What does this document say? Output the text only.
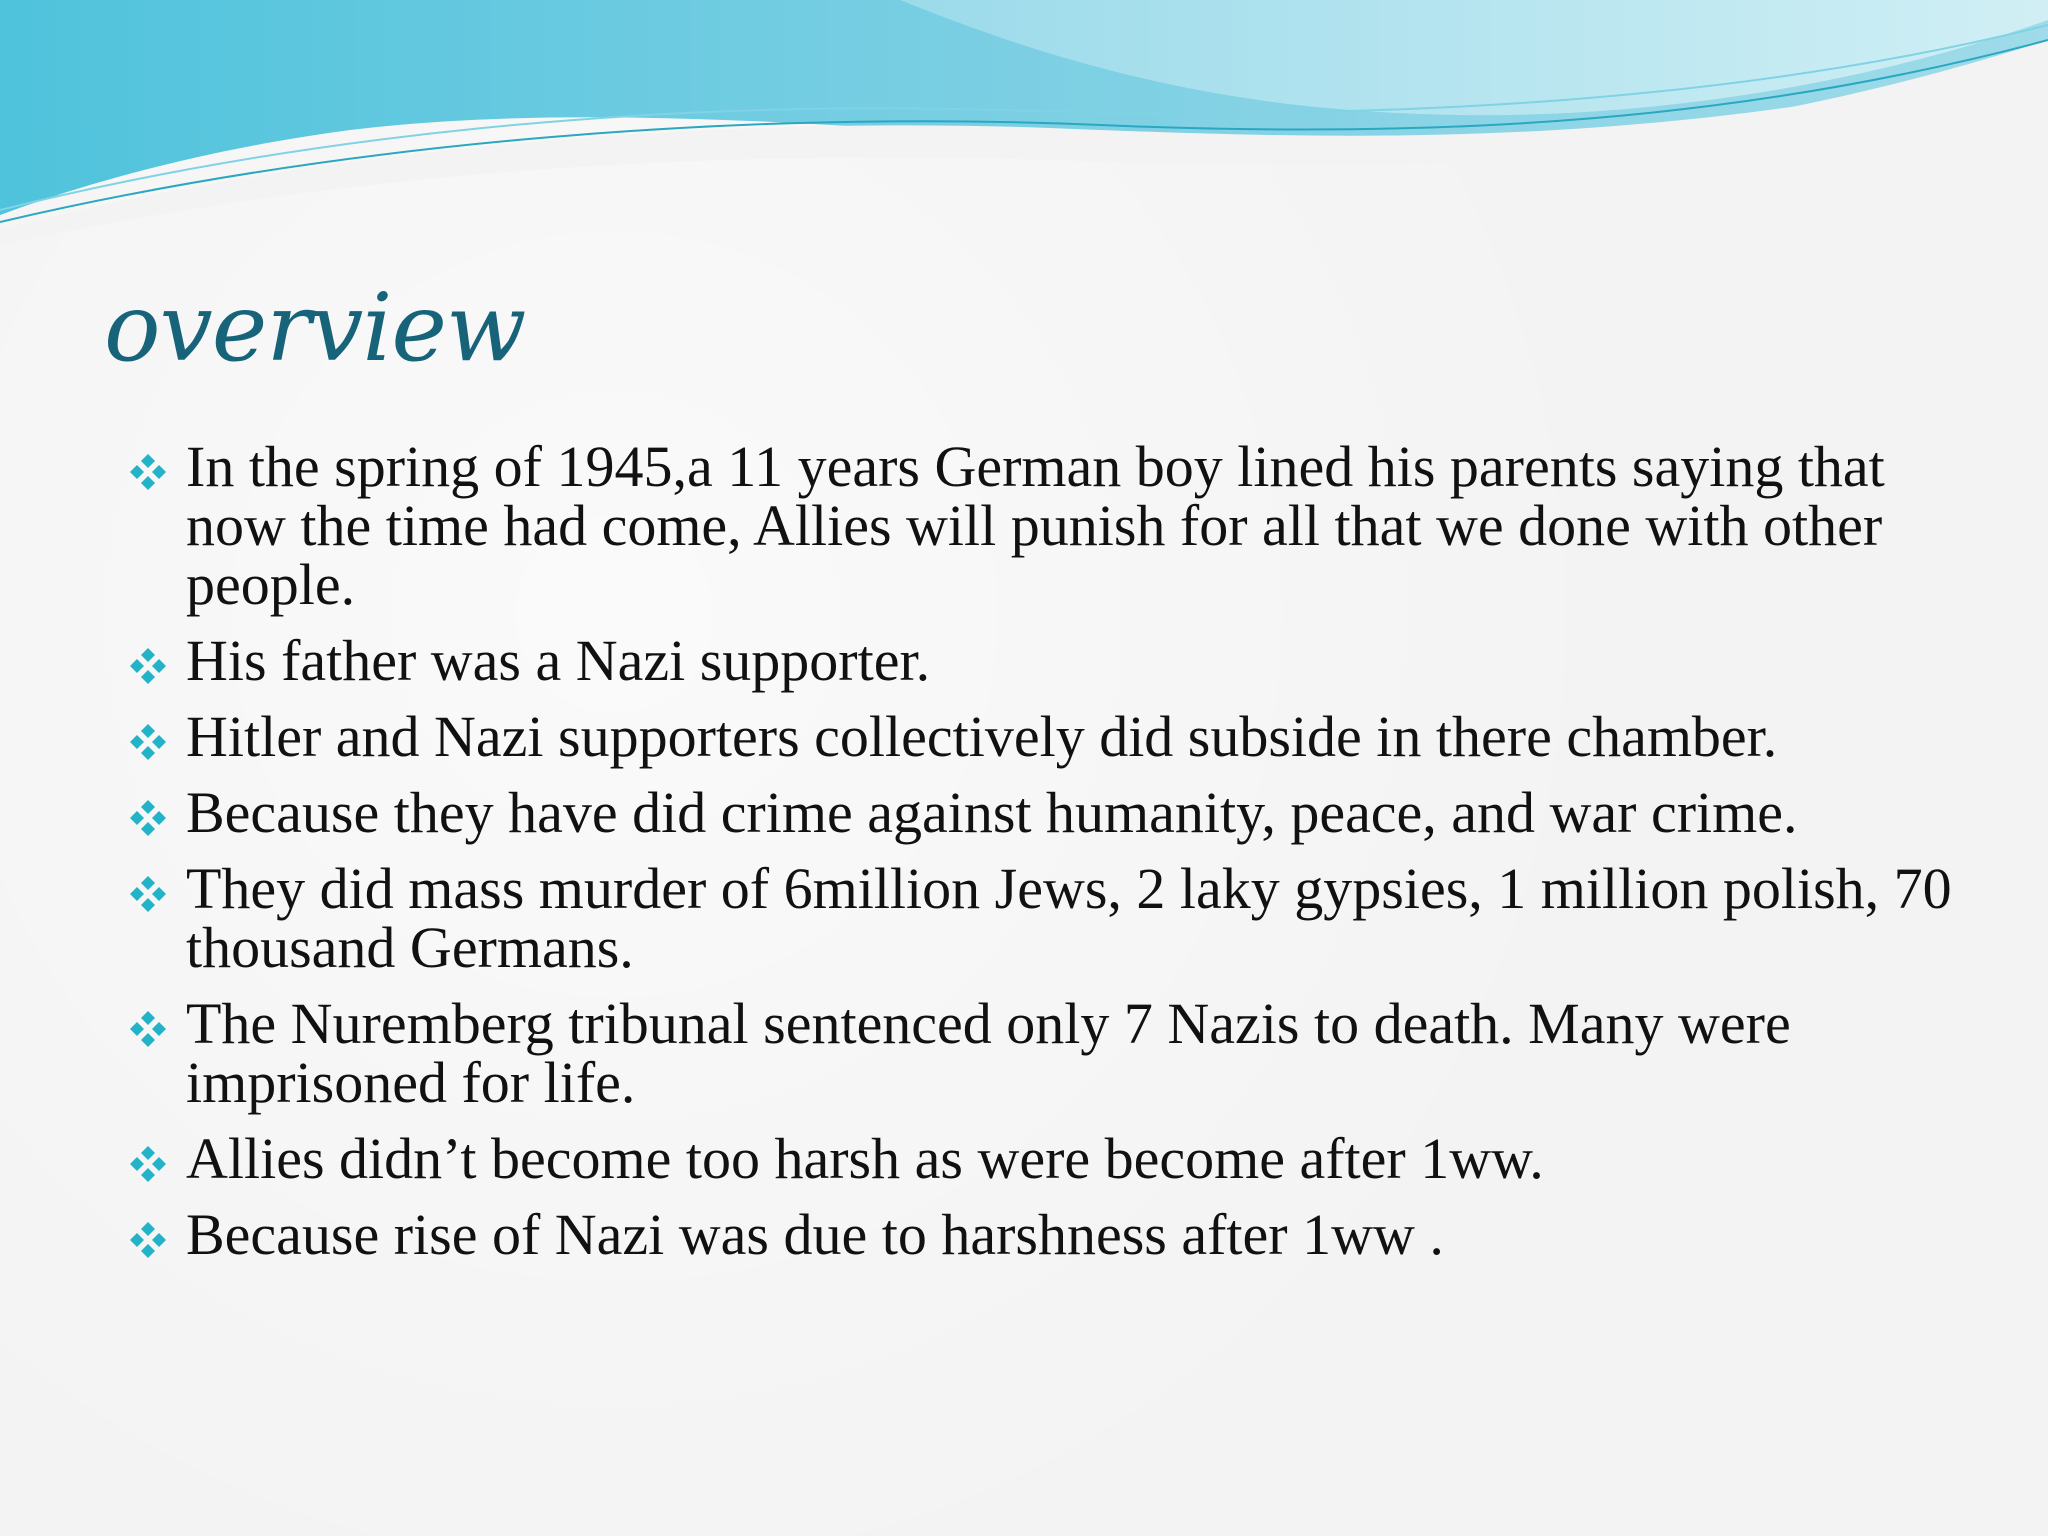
overview
In the spring of 1945,a 11 years German boy lined his parents saying that now the time had come, Allies will punish for all that we done with other people.
His father was a Nazi supporter.
Hitler and Nazi supporters collectively did subside in there chamber.
Because they have did crime against humanity, peace, and war crime.
They did mass murder of 6million Jews, 2 laky gypsies, 1 million polish, 70 thousand Germans.
The Nuremberg tribunal sentenced only 7 Nazis to death. Many were imprisoned for life.
Allies didn’t become too harsh as were become after 1ww.
Because rise of Nazi was due to harshness after 1ww .
